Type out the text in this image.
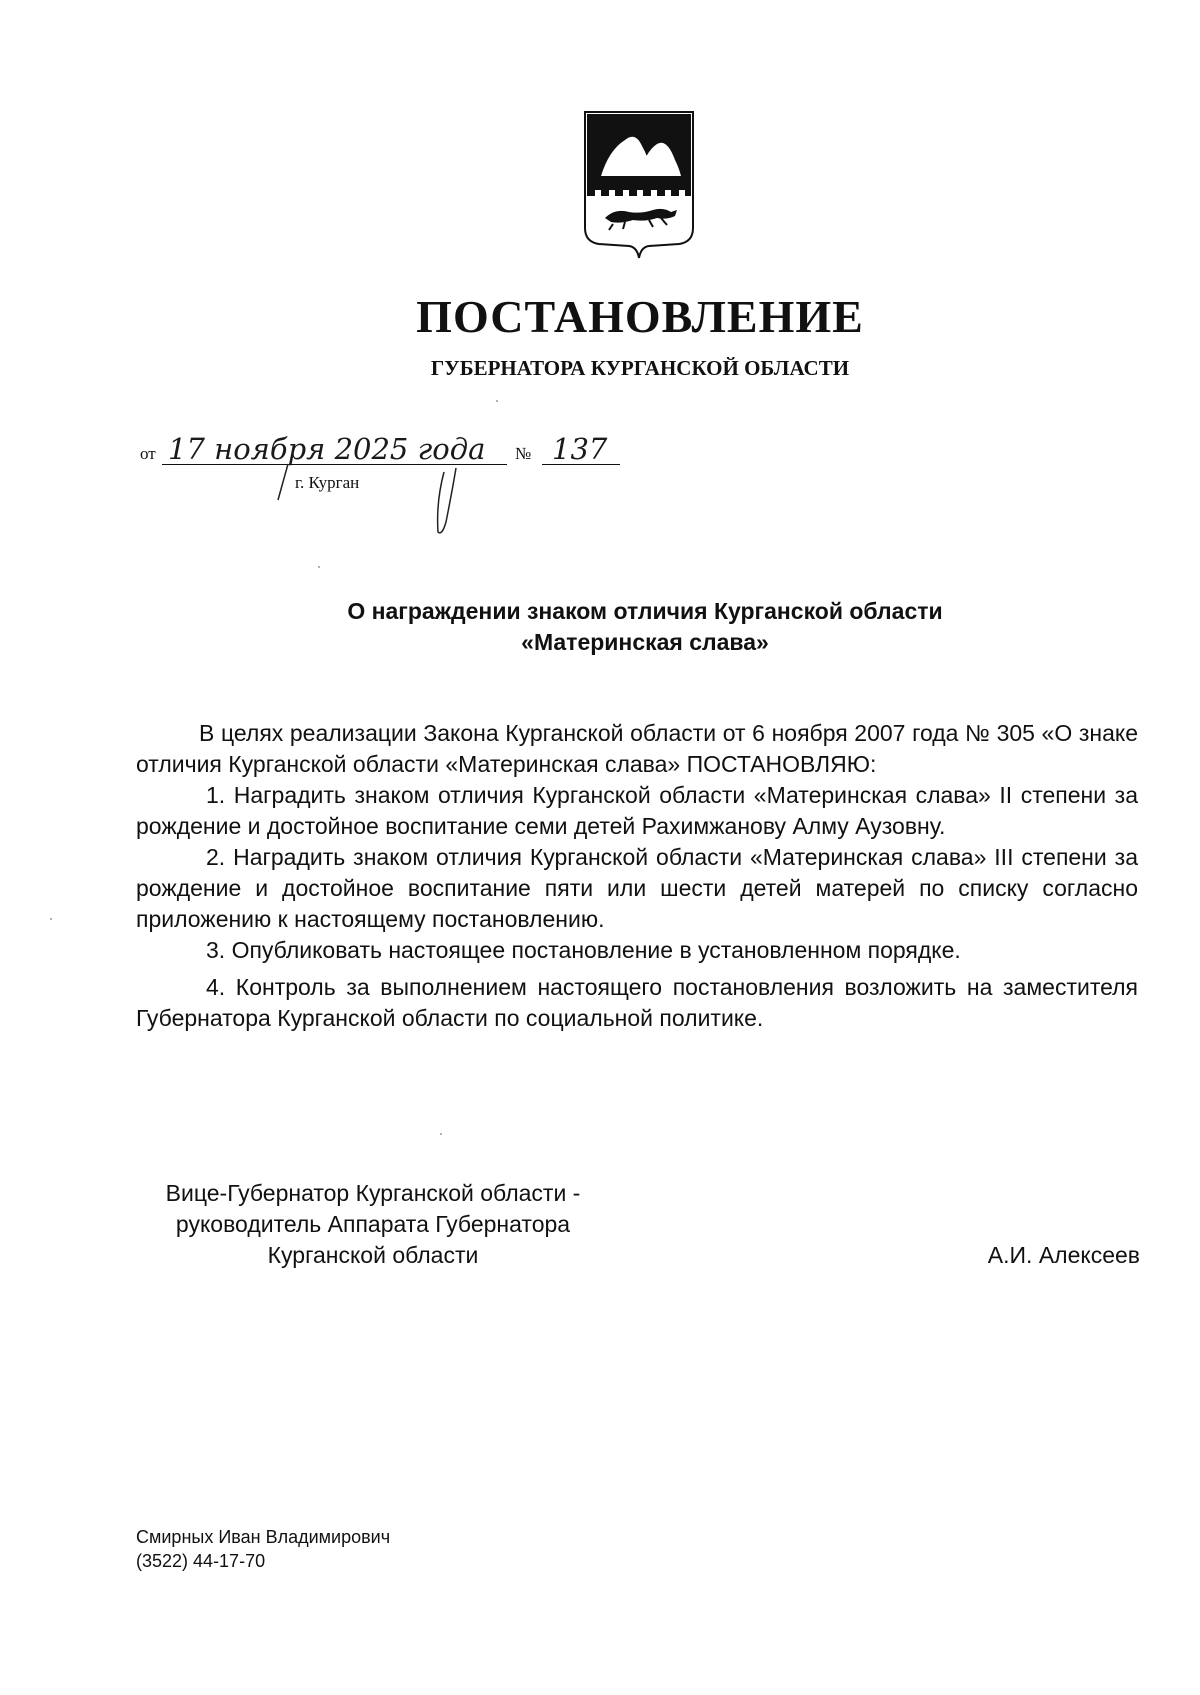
ПОСТАНОВЛЕНИЕ
ГУБЕРНАТОРА КУРГАНСКОЙ ОБЛАСТИ
от 17 ноября 2025 года № 137
г. Курган
О награждении знаком отличия Курганской области
«Материнская слава»

В целях реализации Закона Курганской области от 6 ноября 2007 года № 305 «О знаке отличия Курганской области «Материнская слава» ПОСТАНОВЛЯЮ:

1. Наградить знаком отличия Курганской области «Материнская слава» II степени за рождение и достойное воспитание семи детей Рахимжанову Алму Аузовну.

2. Наградить знаком отличия Курганской области «Материнская слава» III степени за рождение и достойное воспитание пяти или шести детей матерей по списку согласно приложению к настоящему постановлению.

3. Опубликовать настоящее постановление в установленном порядке.

4. Контроль за выполнением настоящего постановления возложить на заместителя Губернатора Курганской области по социальной политике.

Вице-Губернатор Курганской области -
руководитель Аппарата Губернатора
Курганской области	А.И. Алексеев
Смирных Иван Владимирович
(3522) 44-17-70
